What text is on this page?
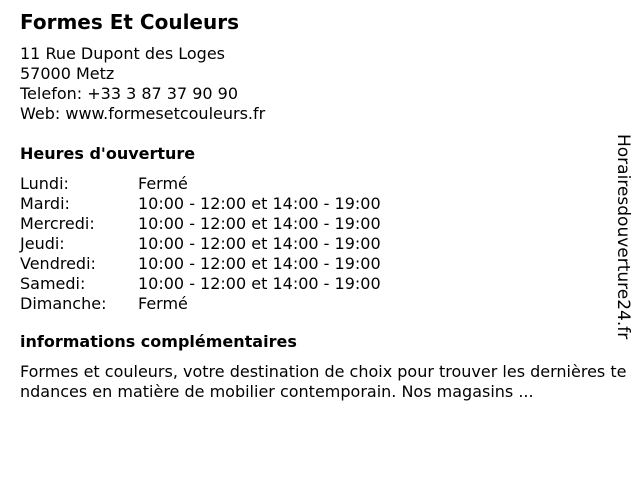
Formes Et Couleurs
11 Rue Dupont des Loges
57000 Metz
Telefon: +33 3 87 37 90 90
Web: www.formesetcouleurs.fr
Heures d'ouverture
Lundi:	Fermé
Mardi:	10:00 - 12:00 et 14:00 - 19:00
Mercredi:	10:00 - 12:00 et 14:00 - 19:00
Jeudi:	10:00 - 12:00 et 14:00 - 19:00
Vendredi:	10:00 - 12:00 et 14:00 - 19:00
Samedi:	10:00 - 12:00 et 14:00 - 19:00
Dimanche:	Fermé
informations complémentaires

Formes et couleurs, votre destination de choix pour trouver les dernières tendances en matière de mobilier contemporain. Nos magasins ...

Horairesdouverture24.fr
